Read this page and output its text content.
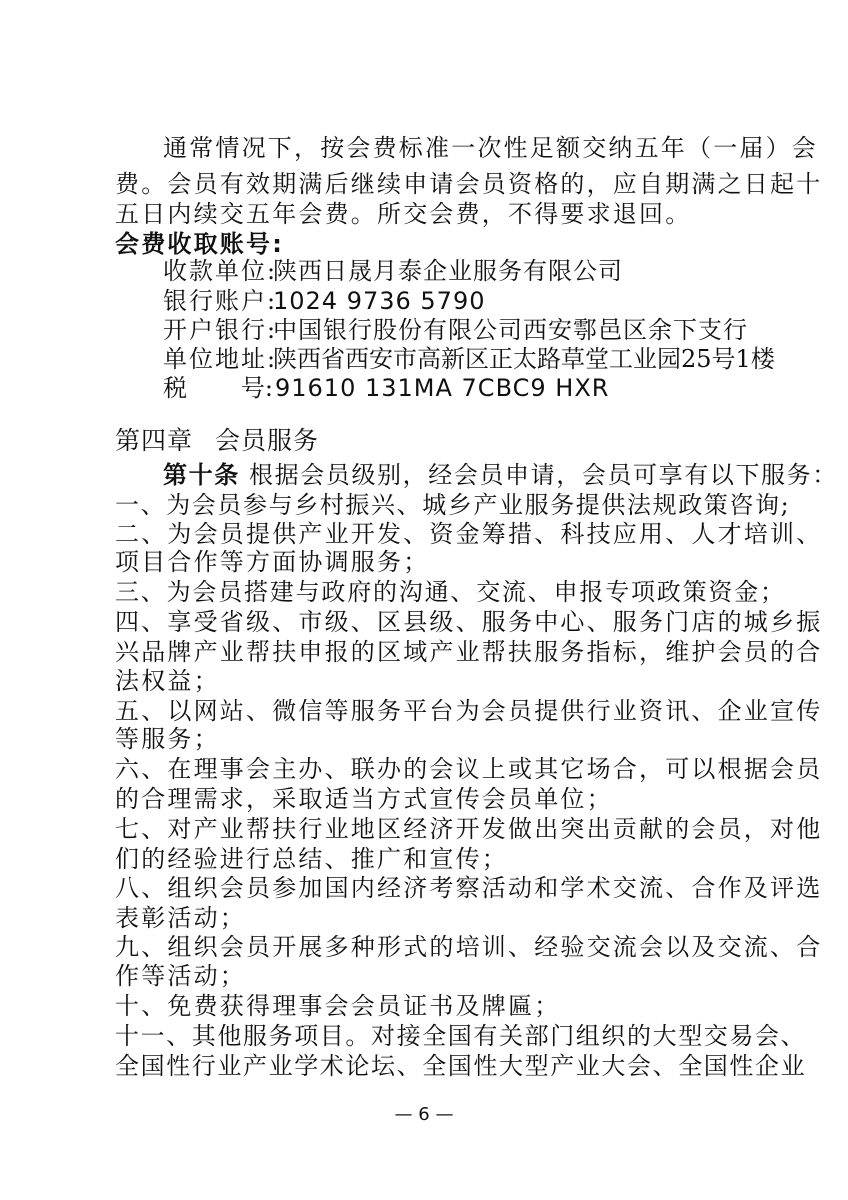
通常情况下，按会费标准一次性足额交纳五年（一届）会
费。会员有效期满后继续申请会员资格的，应自期满之日起十
五日内续交五年会费。所交会费，不得要求退回。
会费收取账号:
收款单位:陕西日晟月泰企业服务有限公司
银行账户:1024 9736 5790
开户银行:中国银行股份有限公司西安鄠邑区余下支行
单位地址:陕西省西安市高新区正太路草堂工业园25号1楼
税 号: 91610 131MA 7CBC9 HXR
第四章 会员服务
第十条 根据会员级别，经会员申请，会员可享有以下服务：
一、为会员参与乡村振兴、城乡产业服务提供法规政策咨询;
二、为会员提供产业开发、资金筹措、科技应用、人才培训、
项目合作等方面协调服务；
三、为会员搭建与政府的沟通、交流、申报专项政策资金；
四、享受省级、市级、区县级、服务中心、服务门店的城乡振
兴品牌产业帮扶申报的区域产业帮扶服务指标，维护会员的合
法权益；
五、以网站、微信等服务平台为会员提供行业资讯、企业宣传
等服务；
六、在理事会主办、联办的会议上或其它场合，可以根据会员
的合理需求，采取适当方式宣传会员单位；
七、对产业帮扶行业地区经济开发做出突出贡献的会员，对他
们的经验进行总结、推广和宣传；
八、组织会员参加国内经济考察活动和学术交流、合作及评选
表彰活动；
九、组织会员开展多种形式的培训、经验交流会以及交流、合
作等活动；
十、免费获得理事会会员证书及牌匾；
十一、其他服务项目。对接全国有关部门组织的大型交易会、
全国性行业产业学术论坛、全国性大型产业大会、全国性企业
— 6 —
